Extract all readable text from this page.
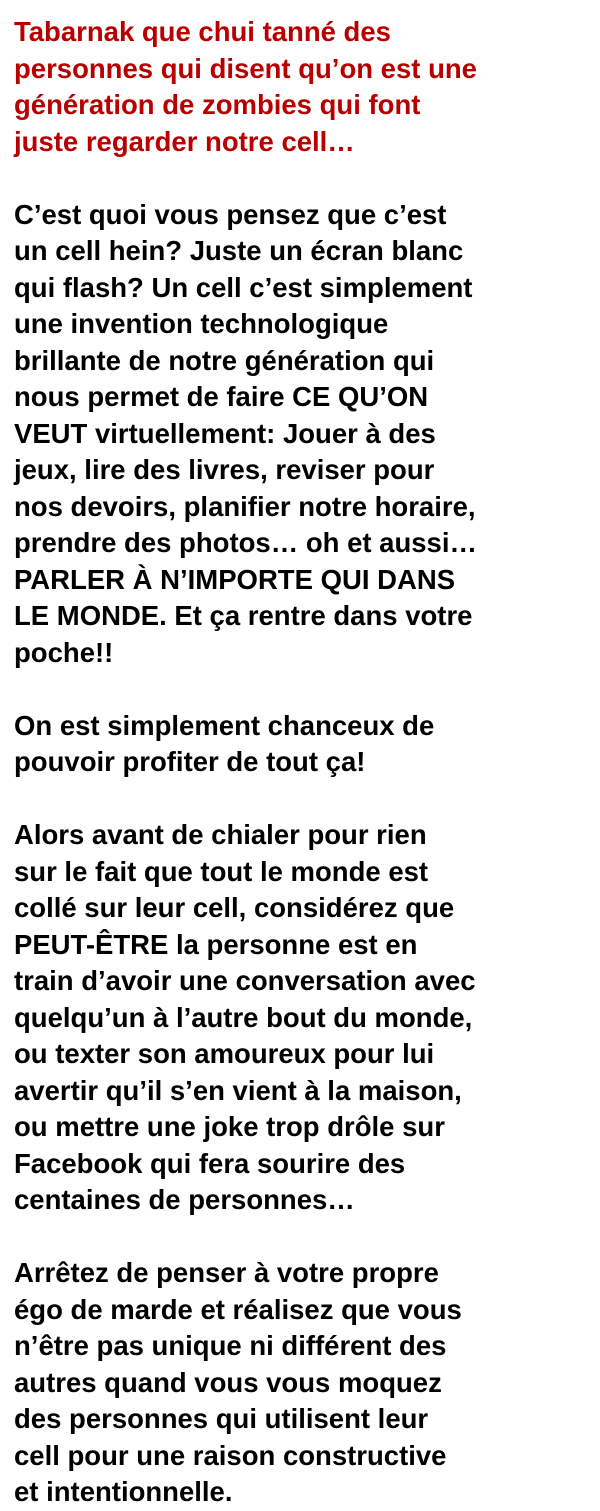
Tabarnak que chui tanné des
personnes qui disent qu’on est une
génération de zombies qui font
juste regarder notre cell…

C’est quoi vous pensez que c’est
un cell hein? Juste un écran blanc
qui flash? Un cell c’est simplement
une invention technologique
brillante de notre génération qui
nous permet de faire CE QU’ON
VEUT virtuellement: Jouer à des
jeux, lire des livres, reviser pour
nos devoirs, planifier notre horaire,
prendre des photos… oh et aussi…
PARLER À N’IMPORTE QUI DANS
LE MONDE. Et ça rentre dans votre
poche!!

On est simplement chanceux de
pouvoir profiter de tout ça!

Alors avant de chialer pour rien
sur le fait que tout le monde est
collé sur leur cell, considérez que
PEUT-ÊTRE la personne est en
train d’avoir une conversation avec
quelqu’un à l’autre bout du monde,
ou texter son amoureux pour lui
avertir qu’il s’en vient à la maison,
ou mettre une joke trop drôle sur
Facebook qui fera sourire des
centaines de personnes…

Arrêtez de penser à votre propre
égo de marde et réalisez que vous
n’être pas unique ni différent des
autres quand vous vous moquez
des personnes qui utilisent leur
cell pour une raison constructive
et intentionnelle.
